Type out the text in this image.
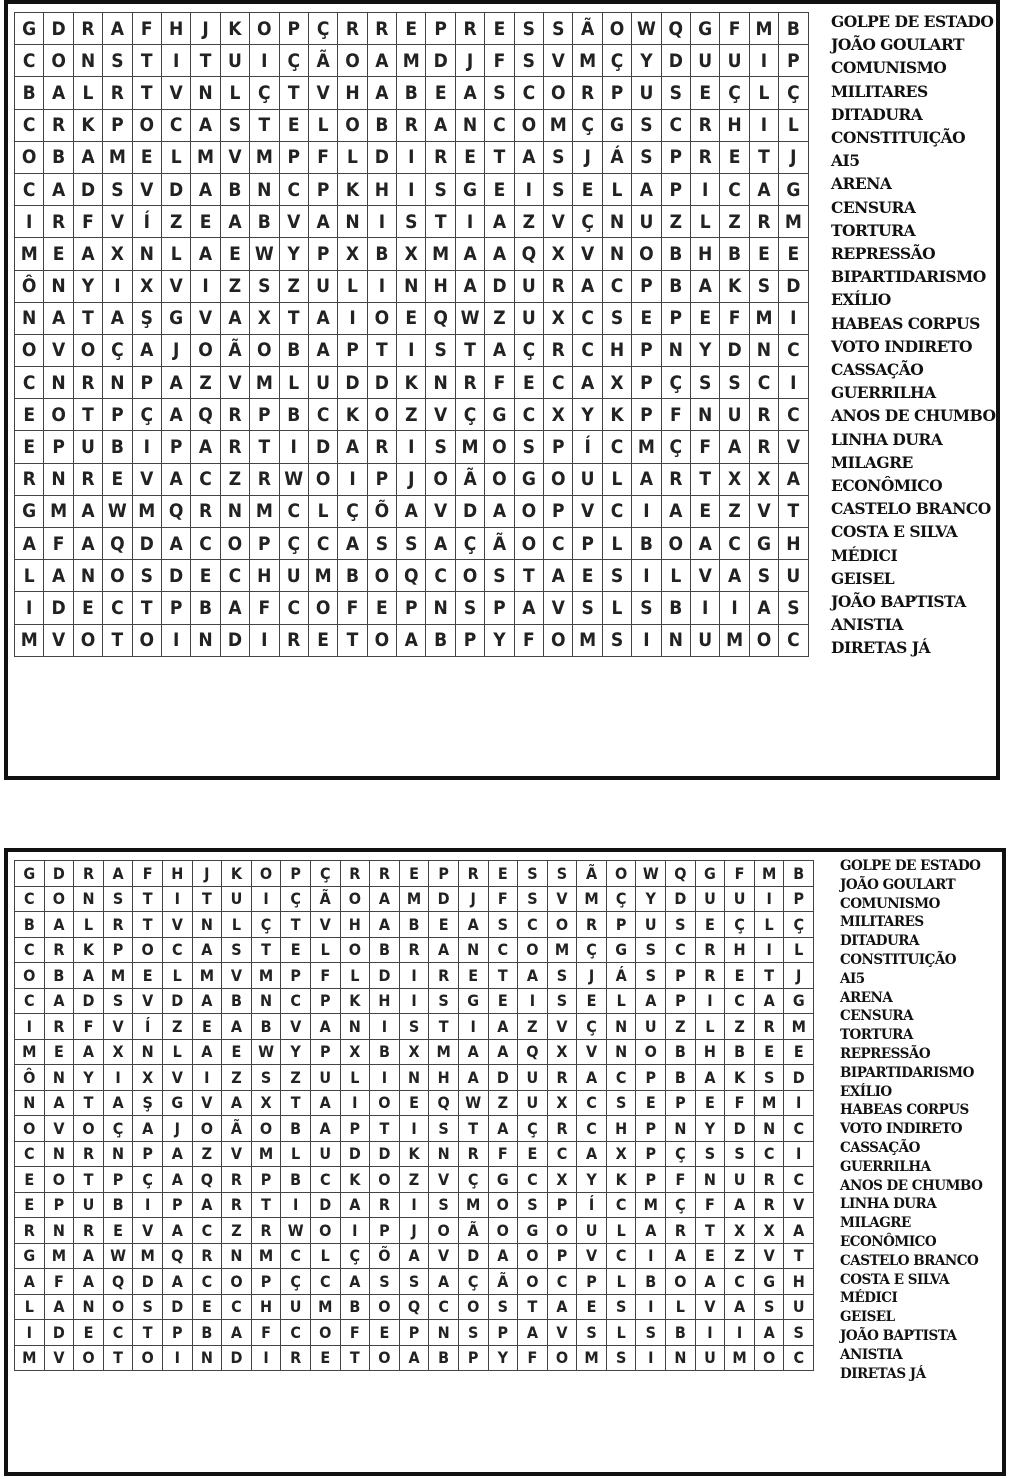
G	D	R	A	F	H	J	K	O	P	Ç	R	R	E	P	R	E	S	S	Ã	O	W	Q	G	F	M	B
C	O	N	S	T	I	T	U	I	Ç	Ã	O	A	M	D	J	F	S	V	M	Ç	Y	D	U	U	I	P
B	A	L	R	T	V	N	L	Ç	T	V	H	A	B	E	A	S	C	O	R	P	U	S	E	Ç	L	Ç
C	R	K	P	O	C	A	S	T	E	L	O	B	R	A	N	C	O	M	Ç	G	S	C	R	H	I	L
O	B	A	M	E	L	M	V	M	P	F	L	D	I	R	E	T	A	S	J	Á	S	P	R	E	T	J
C	A	D	S	V	D	A	B	N	C	P	K	H	I	S	G	E	I	S	E	L	A	P	I	C	A	G
I	R	F	V	Í	Z	E	A	B	V	A	N	I	S	T	I	A	Z	V	Ç	N	U	Z	L	Z	R	M
M	E	A	X	N	L	A	E	W	Y	P	X	B	X	M	A	A	Q	X	V	N	O	B	H	B	E	E
Ô	N	Y	I	X	V	I	Z	S	Z	U	L	I	N	H	A	D	U	R	A	C	P	B	A	K	S	D
N	A	T	A	Ş	G	V	A	X	T	A	I	O	E	Q	W	Z	U	X	C	S	E	P	E	F	M	I
O	V	O	Ç	A	J	O	Ã	O	B	A	P	T	I	S	T	A	Ç	R	C	H	P	N	Y	D	N	C
C	N	R	N	P	A	Z	V	M	L	U	D	D	K	N	R	F	E	C	A	X	P	Ç	S	S	C	I
E	O	T	P	Ç	A	Q	R	P	B	C	K	O	Z	V	Ç	G	C	X	Y	K	P	F	N	U	R	C
E	P	U	B	I	P	A	R	T	I	D	A	R	I	S	M	O	S	P	Í	C	M	Ç	F	A	R	V
R	N	R	E	V	A	C	Z	R	W	O	I	P	J	O	Ã	O	G	O	U	L	A	R	T	X	X	A
G	M	A	W	M	Q	R	N	M	C	L	Ç	Õ	A	V	D	A	O	P	V	C	I	A	E	Z	V	T
A	F	A	Q	D	A	C	O	P	Ç	C	A	S	S	A	Ç	Ã	O	C	P	L	B	O	A	C	G	H
L	A	N	O	S	D	E	C	H	U	M	B	O	Q	C	O	S	T	A	E	S	I	L	V	A	S	U
I	D	E	C	T	P	B	A	F	C	O	F	E	P	N	S	P	A	V	S	L	S	B	I	I	A	S
M	V	O	T	O	I	N	D	I	R	E	T	O	A	B	P	Y	F	O	M	S	I	N	U	M	O	C
GOLPE DE ESTADO
JOÃO GOULART
COMUNISMO
MILITARES
DITADURA
CONSTITUIÇÃO
AI5
ARENA
CENSURA
TORTURA
REPRESSÃO
BIPARTIDARISMO
EXÍLIO
HABEAS CORPUS
VOTO INDIRETO
CASSAÇÃO
GUERRILHA
ANOS DE CHUMBO
LINHA DURA
MILAGRE
ECONÔMICO
CASTELO BRANCO
COSTA E SILVA
MÉDICI
GEISEL
JOÃO BAPTISTA
ANISTIA
DIRETAS JÁ
G	D	R	A	F	H	J	K	O	P	Ç	R	R	E	P	R	E	S	S	Ã	O	W	Q	G	F	M	B
C	O	N	S	T	I	T	U	I	Ç	Ã	O	A	M	D	J	F	S	V	M	Ç	Y	D	U	U	I	P
B	A	L	R	T	V	N	L	Ç	T	V	H	A	B	E	A	S	C	O	R	P	U	S	E	Ç	L	Ç
C	R	K	P	O	C	A	S	T	E	L	O	B	R	A	N	C	O	M	Ç	G	S	C	R	H	I	L
O	B	A	M	E	L	M	V	M	P	F	L	D	I	R	E	T	A	S	J	Á	S	P	R	E	T	J
C	A	D	S	V	D	A	B	N	C	P	K	H	I	S	G	E	I	S	E	L	A	P	I	C	A	G
I	R	F	V	Í	Z	E	A	B	V	A	N	I	S	T	I	A	Z	V	Ç	N	U	Z	L	Z	R	M
M	E	A	X	N	L	A	E	W	Y	P	X	B	X	M	A	A	Q	X	V	N	O	B	H	B	E	E
Ô	N	Y	I	X	V	I	Z	S	Z	U	L	I	N	H	A	D	U	R	A	C	P	B	A	K	S	D
N	A	T	A	Ş	G	V	A	X	T	A	I	O	E	Q	W	Z	U	X	C	S	E	P	E	F	M	I
O	V	O	Ç	A	J	O	Ã	O	B	A	P	T	I	S	T	A	Ç	R	C	H	P	N	Y	D	N	C
C	N	R	N	P	A	Z	V	M	L	U	D	D	K	N	R	F	E	C	A	X	P	Ç	S	S	C	I
E	O	T	P	Ç	A	Q	R	P	B	C	K	O	Z	V	Ç	G	C	X	Y	K	P	F	N	U	R	C
E	P	U	B	I	P	A	R	T	I	D	A	R	I	S	M	O	S	P	Í	C	M	Ç	F	A	R	V
R	N	R	E	V	A	C	Z	R	W	O	I	P	J	O	Ã	O	G	O	U	L	A	R	T	X	X	A
G	M	A	W	M	Q	R	N	M	C	L	Ç	Õ	A	V	D	A	O	P	V	C	I	A	E	Z	V	T
A	F	A	Q	D	A	C	O	P	Ç	C	A	S	S	A	Ç	Ã	O	C	P	L	B	O	A	C	G	H
L	A	N	O	S	D	E	C	H	U	M	B	O	Q	C	O	S	T	A	E	S	I	L	V	A	S	U
I	D	E	C	T	P	B	A	F	C	O	F	E	P	N	S	P	A	V	S	L	S	B	I	I	A	S
M	V	O	T	O	I	N	D	I	R	E	T	O	A	B	P	Y	F	O	M	S	I	N	U	M	O	C
GOLPE DE ESTADO
JOÃO GOULART
COMUNISMO
MILITARES
DITADURA
CONSTITUIÇÃO
AI5
ARENA
CENSURA
TORTURA
REPRESSÃO
BIPARTIDARISMO
EXÍLIO
HABEAS CORPUS
VOTO INDIRETO
CASSAÇÃO
GUERRILHA
ANOS DE CHUMBO
LINHA DURA
MILAGRE
ECONÔMICO
CASTELO BRANCO
COSTA E SILVA
MÉDICI
GEISEL
JOÃO BAPTISTA
ANISTIA
DIRETAS JÁ
